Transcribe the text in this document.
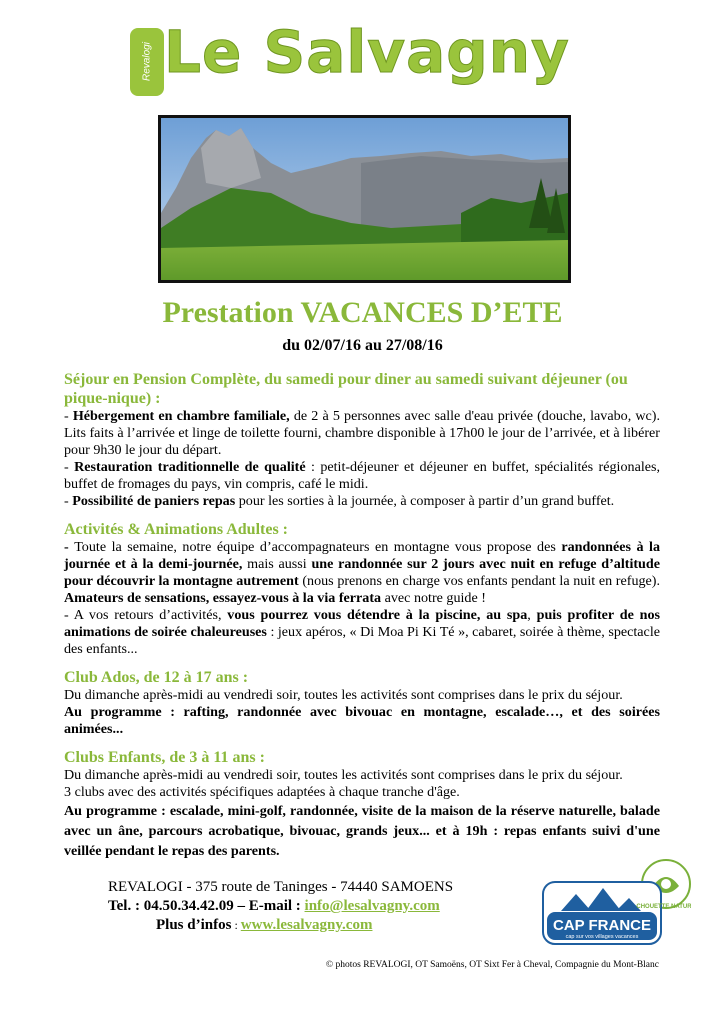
Revalogi Le Salvagny
Prestation VACANCES D’ETE
du 02/07/16 au 27/08/16
Séjour en Pension Complète, du samedi pour diner au samedi suivant déjeuner (ou pique-nique) :

- Hébergement en chambre familiale, de 2 à 5 personnes avec salle d'eau privée (douche, lavabo, wc). Lits faits à l’arrivée et linge de toilette fourni, chambre disponible à 17h00 le jour de l’arrivée, et à libérer pour 9h30 le jour du départ.

- Restauration traditionnelle de qualité : petit-déjeuner et déjeuner en buffet, spécialités régionales, buffet de fromages du pays, vin compris, café le midi.

- Possibilité de paniers repas pour les sorties à la journée, à composer à partir d’un grand buffet.

Activités & Animations Adultes :

- Toute la semaine, notre équipe d’accompagnateurs en montagne vous propose des randonnées à la journée et à la demi-journée, mais aussi une randonnée sur 2 jours avec nuit en refuge d’altitude pour découvrir la montagne autrement (nous prenons en charge vos enfants pendant la nuit en refuge). Amateurs de sensations, essayez-vous à la via ferrata avec notre guide !

- A vos retours d’activités, vous pourrez vous détendre à la piscine, au spa, puis profiter de nos animations de soirée chaleureuses : jeux apéros, « Di Moa Pi Ki Té », cabaret, soirée à thème, spectacle des enfants...

Club Ados, de 12 à 17 ans :

Du dimanche après-midi au vendredi soir, toutes les activités sont comprises dans le prix du séjour.

Au programme : rafting, randonnée avec bivouac en montagne, escalade…, et des soirées animées...

Clubs Enfants, de 3 à 11 ans :

Du dimanche après-midi au vendredi soir, toutes les activités sont comprises dans le prix du séjour.

3 clubs avec des activités spécifiques adaptées à chaque tranche d'âge.

Au programme : escalade, mini-golf, randonnée, visite de la maison de la réserve naturelle, balade avec un âne, parcours acrobatique, bivouac, grands jeux... et à 19h : repas enfants suivi d'une veillée pendant le repas des parents.

REVALOGI - 375 route de Taninges - 74440 SAMOENS
Tel. : 04.50.34.42.09 – E-mail : info@lesalvagny.com
Plus d’infos : www.lesalvagny.com	CAP FRANCE
cap sur vos villages vacances
CHOUETTE NATURE
© photos REVALOGI, OT Samoëns, OT Sixt Fer à Cheval, Compagnie du Mont-Blanc
